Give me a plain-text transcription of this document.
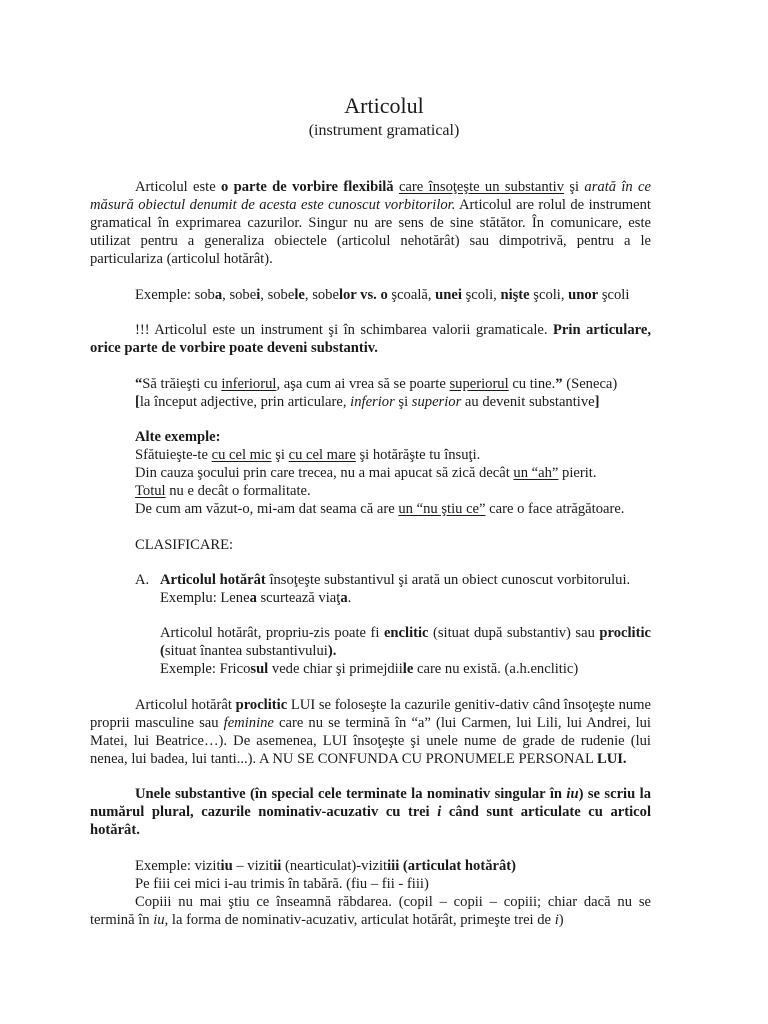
Articolul
(instrument gramatical)
Articolul este o parte de vorbire flexibilă care însoţeşte un substantiv şi arată în ce măsură obiectul denumit de acesta este cunoscut vorbitorilor. Articolul are rolul de instrument gramatical în exprimarea cazurilor. Singur nu are sens de sine stătător. În comunicare, este utilizat pentru a generaliza obiectele (articolul nehotărât) sau dimpotrivă, pentru a le particulariza (articolul hotărât).
Exemple: soba, sobei, sobele, sobelor vs. o şcoală, unei şcoli, nişte şcoli, unor şcoli
!!! Articolul este un instrument şi în schimbarea valorii gramaticale. Prin articulare, orice parte de vorbire poate deveni substantiv.
“Să trăieşti cu inferiorul, aşa cum ai vrea să se poarte superiorul cu tine.” (Seneca)
[la început adjective, prin articulare, inferior şi superior au devenit substantive]
Alte exemple:
Sfătuieşte-te cu cel mic şi cu cel mare şi hotărăşte tu însuţi.
Din cauza şocului prin care trecea, nu a mai apucat să zică decât un “ah” pierit.
Totul nu e decât o formalitate.
De cum am văzut-o, mi-am dat seama că are un “nu ştiu ce” care o face atrăgătoare.
CLASIFICARE:
A. Articolul hotărât însoţeşte substantivul şi arată un obiect cunoscut vorbitorului.
Exemplu: Lenea scurtează viaţa.
Articolul hotărât, propriu-zis poate fi enclitic (situat după substantiv) sau proclitic (situat înantea substantivului).
Exemple: Fricosul vede chiar şi primejdiile care nu există. (a.h.enclitic)
Articolul hotărât proclitic LUI se foloseşte la cazurile genitiv-dativ când însoţeşte nume proprii masculine sau feminine care nu se termină în “a” (lui Carmen, lui Lili, lui Andrei, lui Matei, lui Beatrice…). De asemenea, LUI însoţeşte şi unele nume de grade de rudenie (lui nenea, lui badea, lui tanti...). A NU SE CONFUNDA CU PRONUMELE PERSONAL LUI.
Unele substantive (în special cele terminate la nominativ singular în iu) se scriu la numărul plural, cazurile nominativ-acuzativ cu trei i când sunt articulate cu articol hotărât.
Exemple: vizitiu – vizitii (nearticulat)-vizitiii (articulat hotărât)
Pe fiii cei mici i-au trimis în tabără. (fiu – fii - fiii)
Copiii nu mai ştiu ce înseamnă răbdarea. (copil – copii – copiii; chiar dacă nu se termină în iu, la forma de nominativ-acuzativ, articulat hotărât, primeşte trei de i)
